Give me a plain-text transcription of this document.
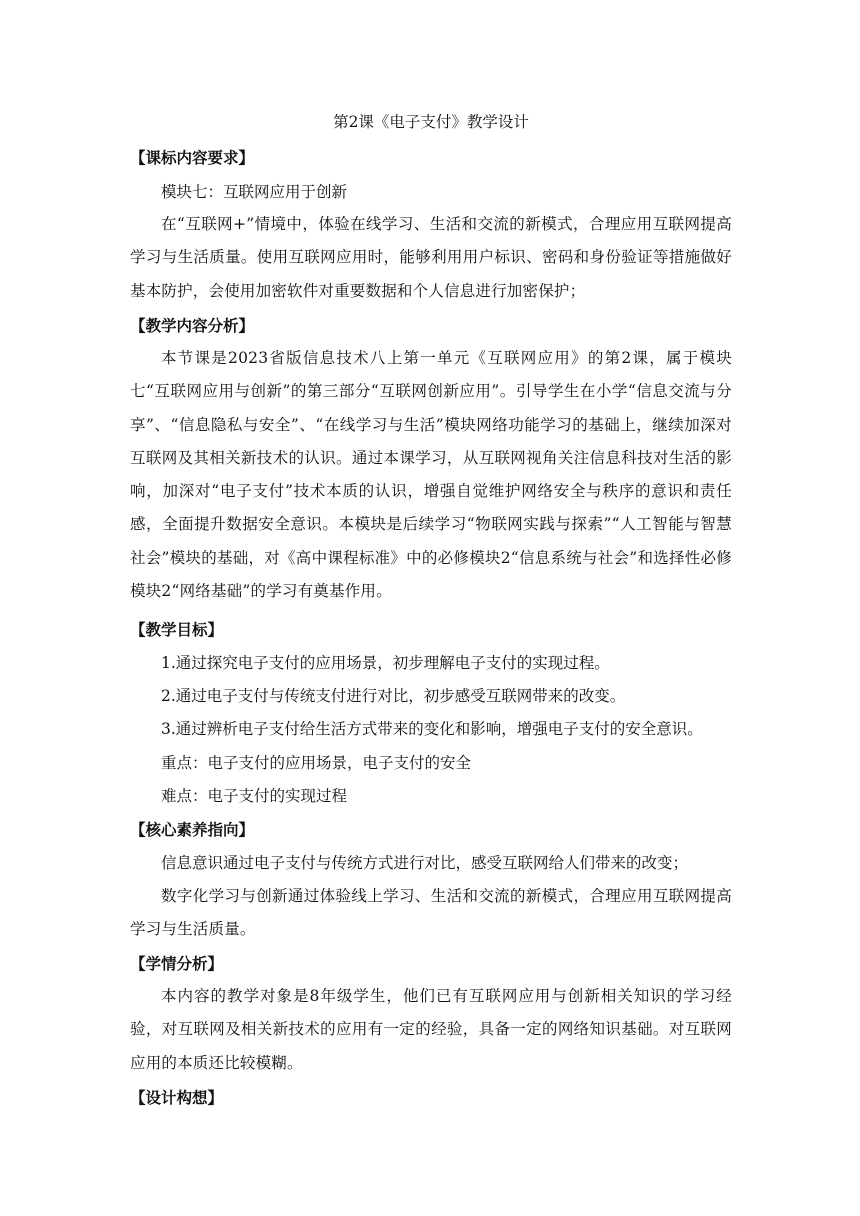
第2课《电子支付》教学设计
【课标内容要求】
模块七：互联网应用于创新
在“互联网+”情境中，体验在线学习、生活和交流的新模式，合理应用互联网提高学习与生活质量。使用互联网应用时，能够利用用户标识、密码和身份验证等措施做好基本防护，会使用加密软件对重要数据和个人信息进行加密保护；
【教学内容分析】
本节课是2023省版信息技术八上第一单元《互联网应用》的第2课，属于模块七“互联网应用与创新”的第三部分“互联网创新应用”。引导学生在小学“信息交流与分享”、“信息隐私与安全”、“在线学习与生活”模块网络功能学习的基础上，继续加深对互联网及其相关新技术的认识。通过本课学习，从互联网视角关注信息科技对生活的影响，加深对“电子支付”技术本质的认识，增强自觉维护网络安全与秩序的意识和责任感，全面提升数据安全意识。本模块是后续学习“物联网实践与探索”“人工智能与智慧社会”模块的基础，对《高中课程标准》中的必修模块2“信息系统与社会”和选择性必修模块2“网络基础”的学习有奠基作用。
【教学目标】
1.通过探究电子支付的应用场景，初步理解电子支付的实现过程。
2.通过电子支付与传统支付进行对比，初步感受互联网带来的改变。
3.通过辨析电子支付给生活方式带来的变化和影响，增强电子支付的安全意识。
重点：电子支付的应用场景，电子支付的安全
难点：电子支付的实现过程
【核心素养指向】
信息意识通过电子支付与传统方式进行对比，感受互联网给人们带来的改变；
数字化学习与创新通过体验线上学习、生活和交流的新模式，合理应用互联网提高学习与生活质量。
【学情分析】
本内容的教学对象是8年级学生，他们已有互联网应用与创新相关知识的学习经验，对互联网及相关新技术的应用有一定的经验，具备一定的网络知识基础。对互联网应用的本质还比较模糊。
【设计构想】
